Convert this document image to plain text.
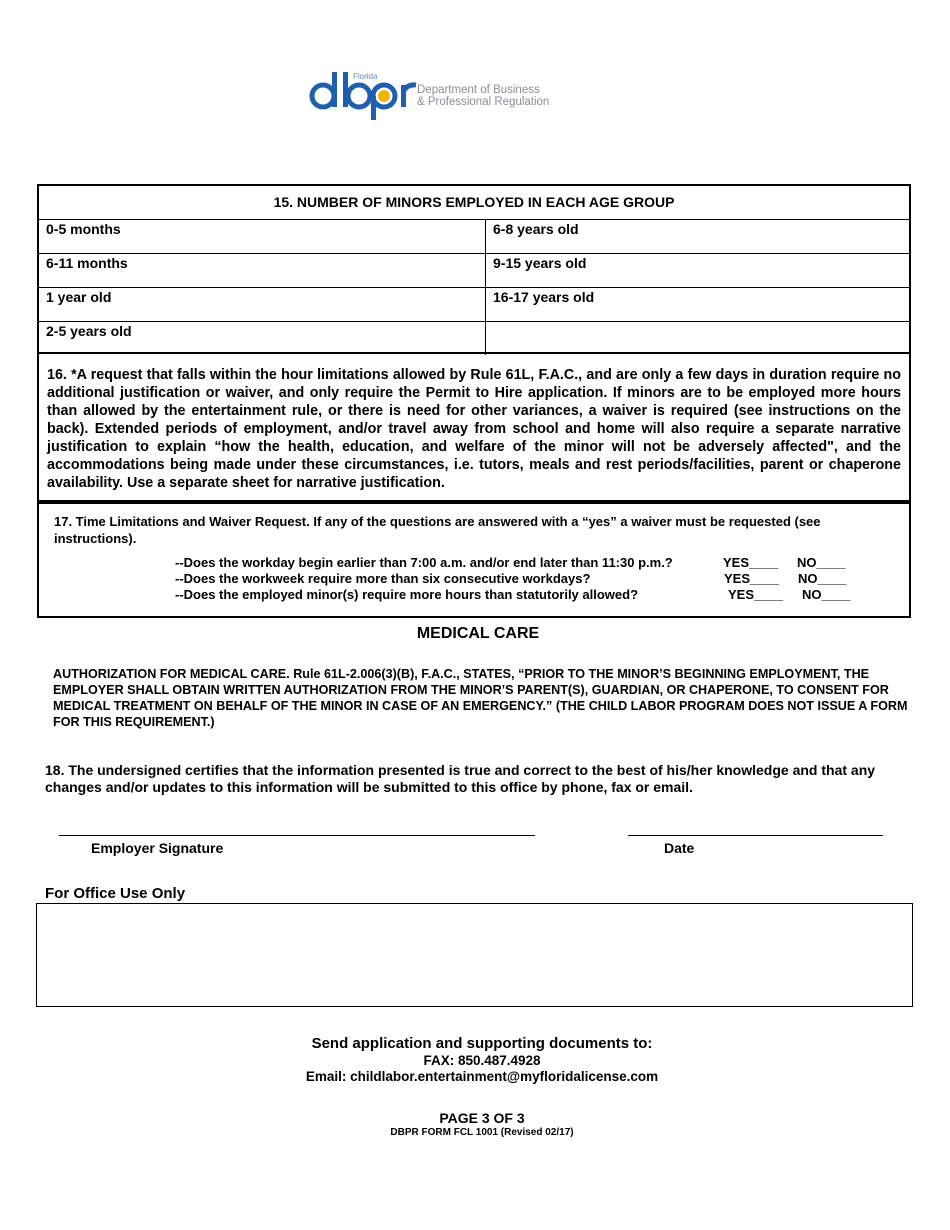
Florida
Department of Business
& Professional Regulation
15. NUMBER OF MINORS EMPLOYED IN EACH AGE GROUP
0-5 months	6-8 years old
6-11 months	9-15 years old
1 year old	16-17 years old
2-5 years old
16. *A request that falls within the hour limitations allowed by Rule 61L, F.A.C., and are only a few days in duration require no additional justification or waiver, and only require the Permit to Hire application. If minors are to be employed more hours than allowed by the entertainment rule, or there is need for other variances, a waiver is required (see instructions on the back). Extended periods of employment, and/or travel away from school and home will also require a separate narrative justification to explain “how the health, education, and welfare of the minor will not be adversely affected", and the accommodations being made under these circumstances, i.e. tutors, meals and rest periods/facilities, parent or chaperone availability. Use a separate sheet for narrative justification.
17. Time Limitations and Waiver Request. If any of the questions are answered with a “yes” a waiver must be requested (see instructions).
--Does the workday begin earlier than 7:00 a.m. and/or end later than 11:30 p.m.?	YES____ NO____
--Does the workweek require more than six consecutive workdays?	YES____ NO____
--Does the employed minor(s) require more hours than statutorily allowed?	YES____ NO____
MEDICAL CARE
AUTHORIZATION FOR MEDICAL CARE. Rule 61L-2.006(3)(B), F.A.C., STATES, “PRIOR TO THE MINOR’S BEGINNING EMPLOYMENT, THE EMPLOYER SHALL OBTAIN WRITTEN AUTHORIZATION FROM THE MINOR’S PARENT(S), GUARDIAN, OR CHAPERONE, TO CONSENT FOR MEDICAL TREATMENT ON BEHALF OF THE MINOR IN CASE OF AN EMERGENCY.” (THE CHILD LABOR PROGRAM DOES NOT ISSUE A FORM FOR THIS REQUIREMENT.)
18. The undersigned certifies that the information presented is true and correct to the best of his/her knowledge and that any changes and/or updates to this information will be submitted to this office by phone, fax or email.
Employer Signature	Date
For Office Use Only
Send application and supporting documents to:
FAX: 850.487.4928
Email: childlabor.entertainment@myfloridalicense.com
PAGE 3 OF 3
DBPR FORM FCL 1001 (Revised 02/17)
